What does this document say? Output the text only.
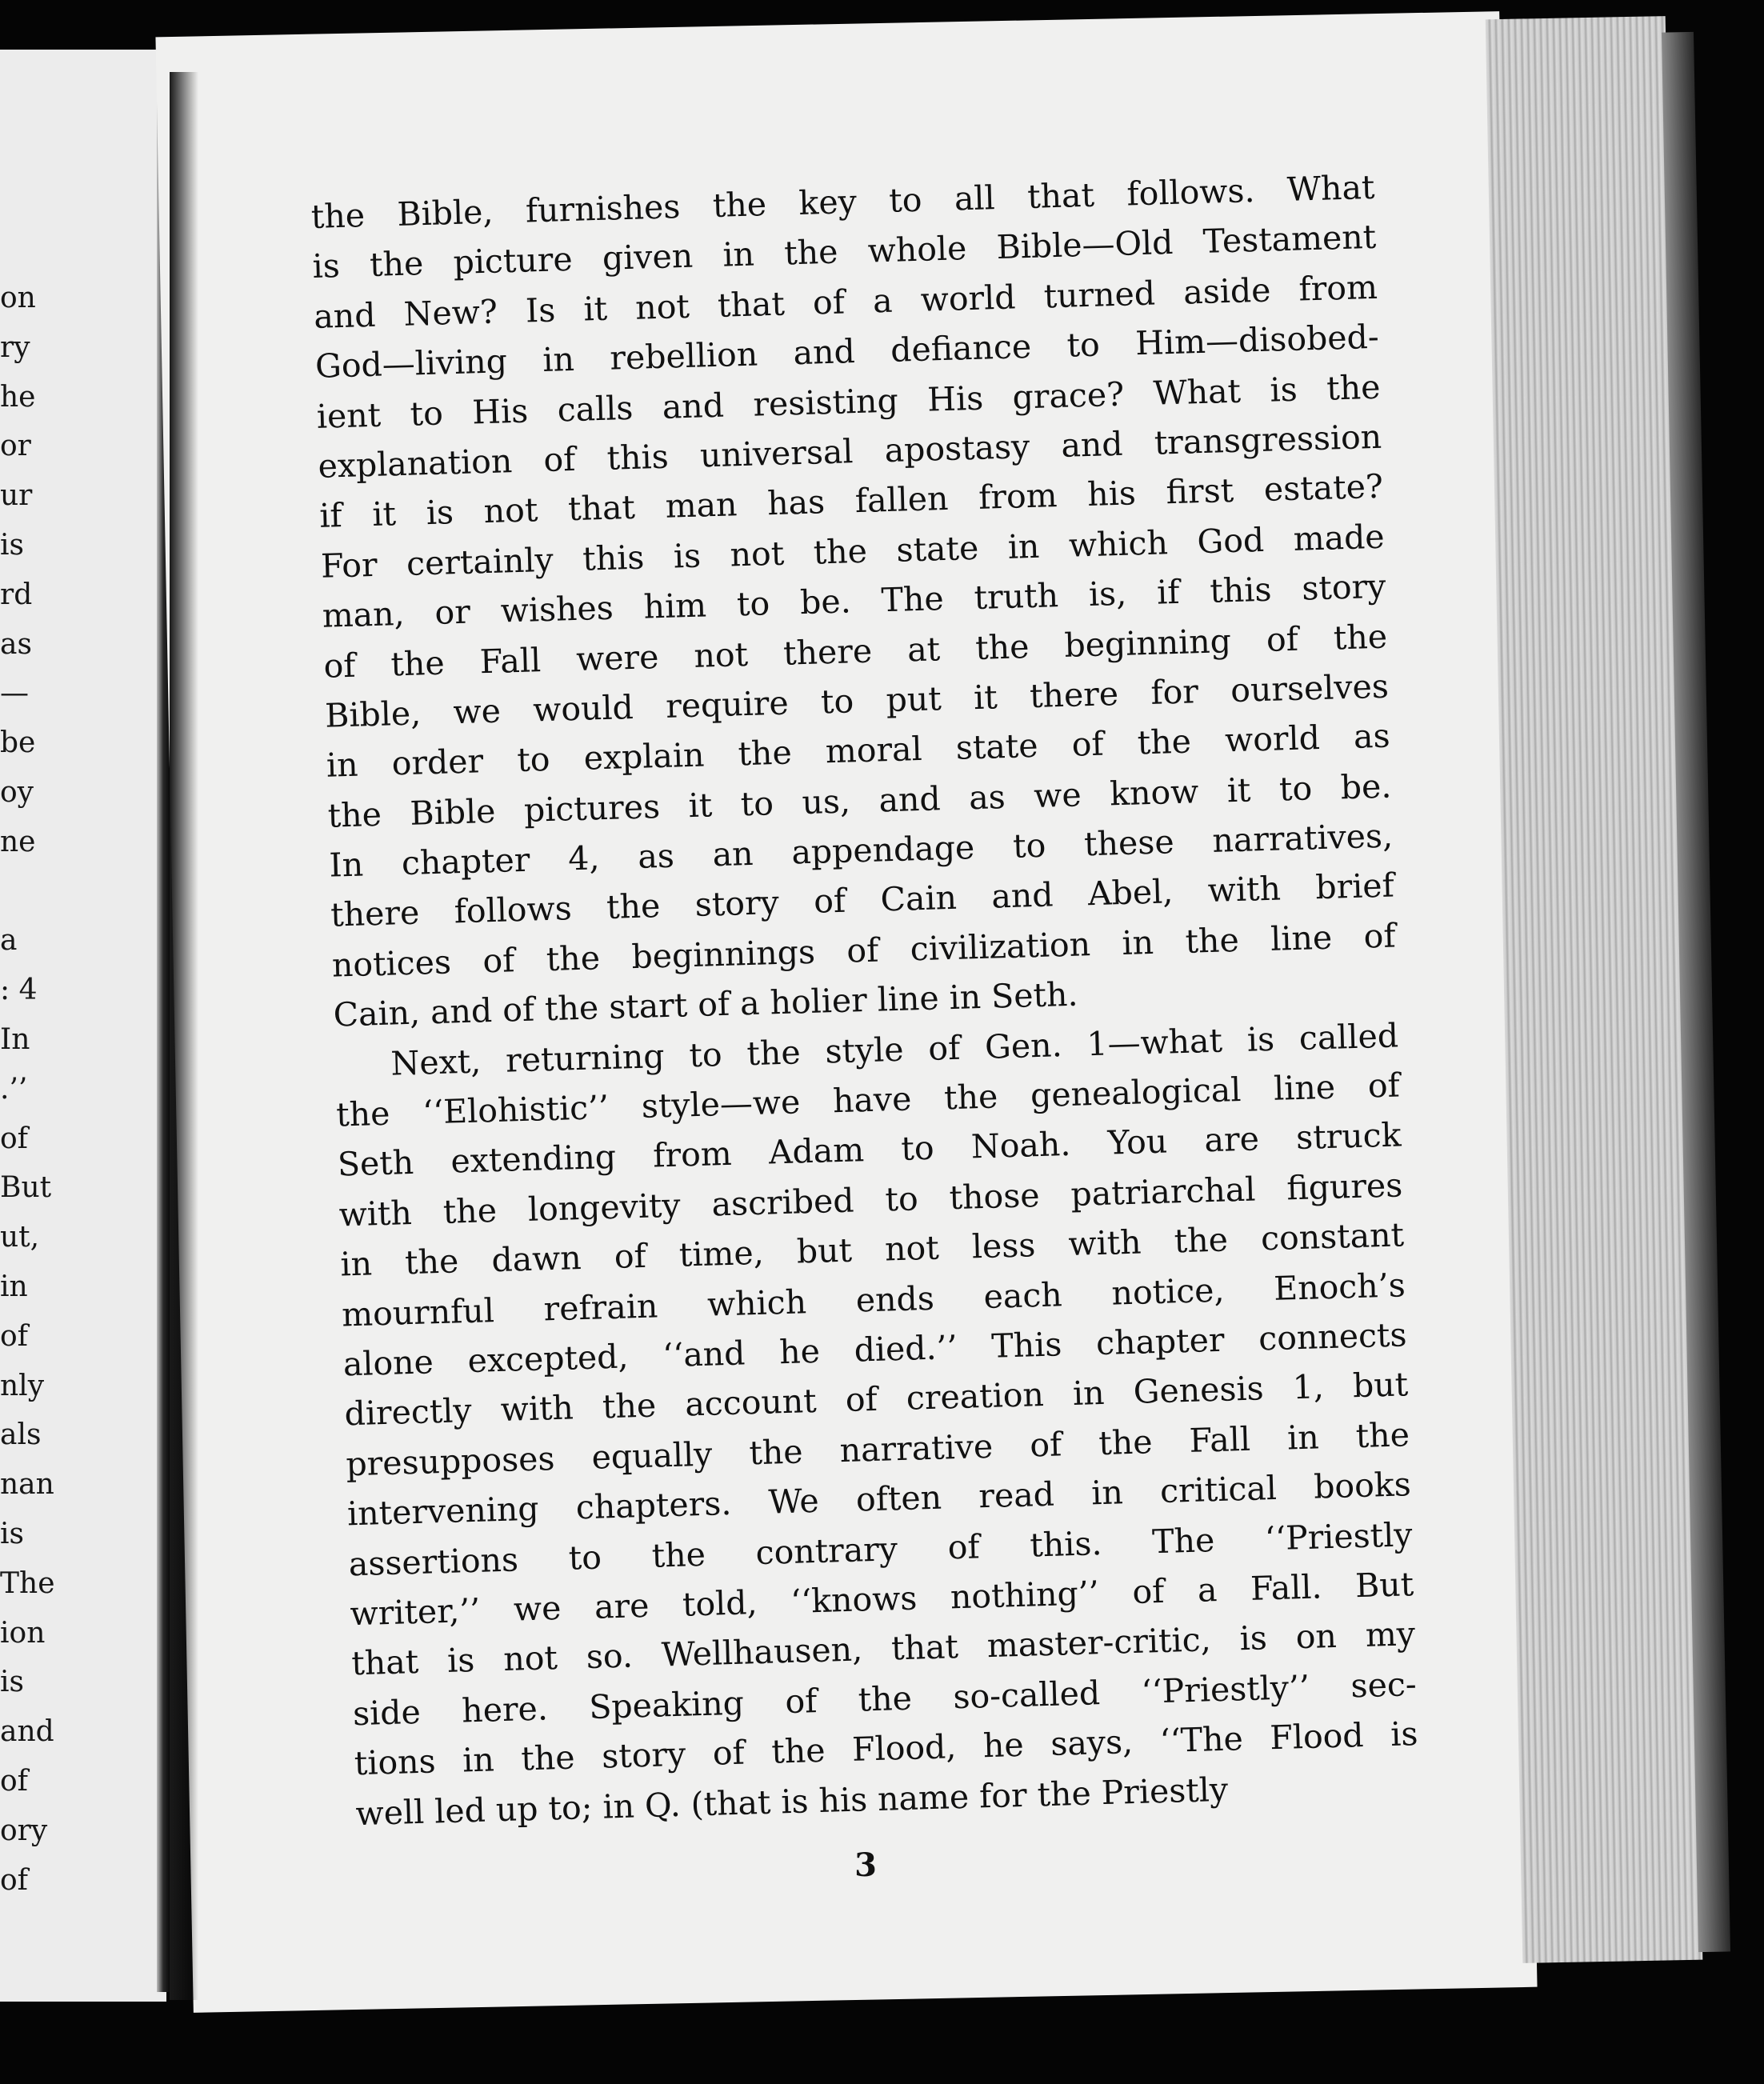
on
ry
he
or
ur
is
rd
as
—
be
oy
ne
a
: 4
In
.’’
of
But
ut,
in
of
nly
als
nan
is
The
ion
is
and
of
ory
of
the Bible, furnishes the key to all that follows. What
is the picture given in the whole Bible—Old Testament
and New? Is it not that of a world turned aside from
God—living in rebellion and defiance to Him—disobed-
ient to His calls and resisting His grace? What is the
explanation of this universal apostasy and transgression
if it is not that man has fallen from his first estate?
For certainly this is not the state in which God made
man, or wishes him to be. The truth is, if this story
of the Fall were not there at the beginning of the
Bible, we would require to put it there for ourselves
in order to explain the moral state of the world as
the Bible pictures it to us, and as we know it to be.
In chapter 4, as an appendage to these narratives,
there follows the story of Cain and Abel, with brief
notices of the beginnings of civilization in the line of
Cain, and of the start of a holier line in Seth.
Next, returning to the style of Gen. 1—what is called
the ‘‘Elohistic’’ style—we have the genealogical line of
Seth extending from Adam to Noah. You are struck
with the longevity ascribed to those patriarchal figures
in the dawn of time, but not less with the constant
mournful refrain which ends each notice, Enoch’s
alone excepted, ‘‘and he died.’’ This chapter connects
directly with the account of creation in Genesis 1, but
presupposes equally the narrative of the Fall in the
intervening chapters. We often read in critical books
assertions to the contrary of this. The ‘‘Priestly
writer,’’ we are told, ‘‘knows nothing’’ of a Fall. But
that is not so. Wellhausen, that master-critic, is on my
side here. Speaking of the so-called ‘‘Priestly’’ sec-
tions in the story of the Flood, he says, ‘‘The Flood is
well led up to; in Q. (that is his name for the Priestly
3
